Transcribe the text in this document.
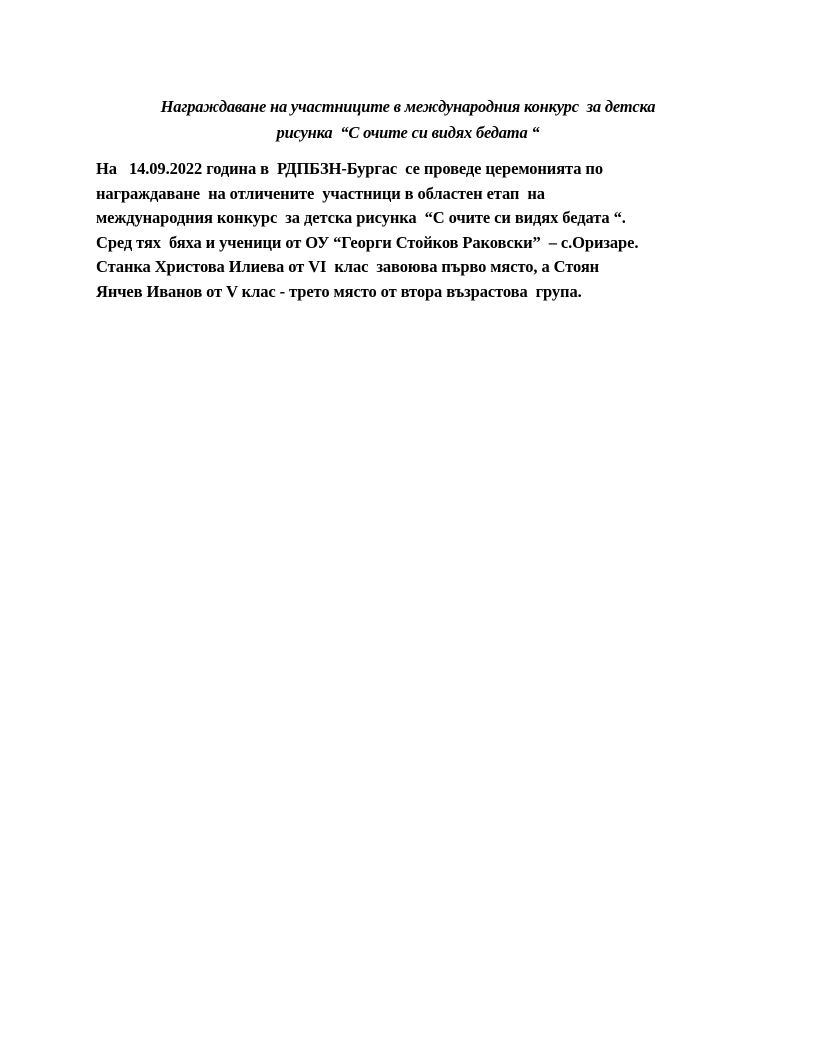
Награждаване на участниците в международния конкурс  за детска
рисунка  “С очите си видях бедата “
На   14.09.2022 година в  РДПБЗН-Бургас  се проведе церемонията по
награждаване  на отличените  участници в областен етап  на
международния конкурс  за детска рисунка  “С очите си видях бедата “.
Сред тях  бяха и ученици от ОУ “Георги Стойков Раковски”  – с.Оризаре.
Станка Христова Илиева от VI  клас  завоюва първо място, а Стоян
Янчев Иванов от V клас - трето място от втора възрастова  група.
